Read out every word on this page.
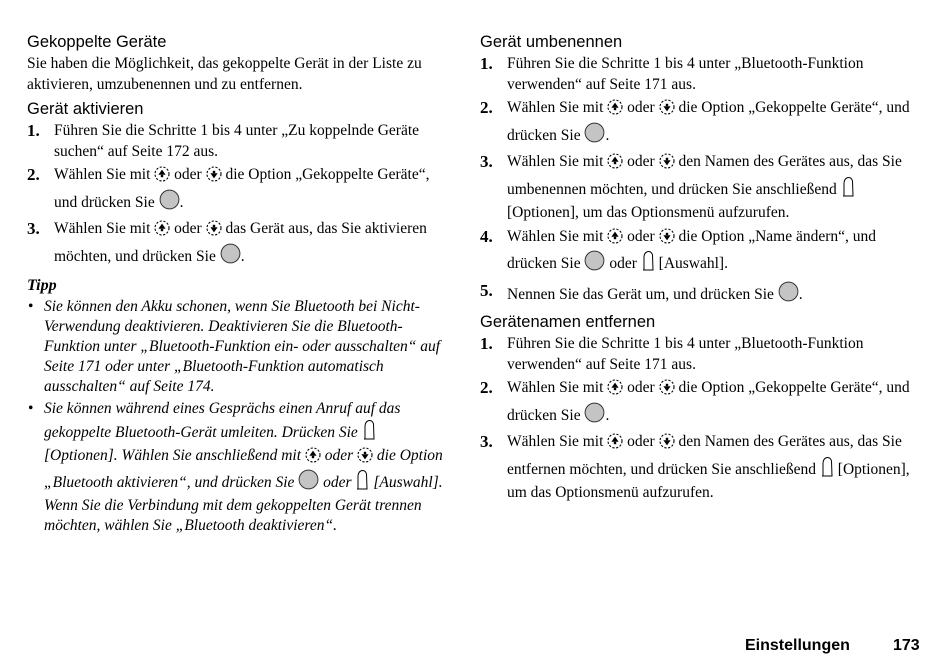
Gekoppelte Geräte

Sie haben die Möglichkeit, das gekoppelte Gerät in der Liste zu aktivieren, umzubenennen und zu entfernen.

Gerät aktivieren
1. Führen Sie die Schritte 1 bis 4 unter „Zu koppelnde Geräte suchen“ auf Seite 172 aus.
2. Wählen Sie mit oder die Option „Gekoppelte Geräte“, und drücken Sie .
3. Wählen Sie mit oder das Gerät aus, das Sie aktivieren möchten, und drücken Sie .
Tipp
• Sie können den Akku schonen, wenn Sie Bluetooth bei Nicht-Verwendung deaktivieren. Deaktivieren Sie die Bluetooth-Funktion unter „Bluetooth-Funktion ein- oder ausschalten“ auf Seite 171 oder unter „Bluetooth-Funktion automatisch ausschalten“ auf Seite 174.
• Sie können während eines Gesprächs einen Anruf auf das gekoppelte Bluetooth-Gerät umleiten. Drücken Sie  [Optionen]. Wählen Sie anschließend mit oder die Option „Bluetooth aktivieren“, und drücken Sie oder [Auswahl]. Wenn Sie die Verbindung mit dem gekoppelten Gerät trennen möchten, wählen Sie „Bluetooth deaktivieren“.
Gerät umbenennen
1. Führen Sie die Schritte 1 bis 4 unter „Bluetooth-Funktion verwenden“ auf Seite 171 aus.
2. Wählen Sie mit oder die Option „Gekoppelte Geräte“, und drücken Sie .
3. Wählen Sie mit oder den Namen des Gerätes aus, das Sie umbenennen möchten, und drücken Sie anschließend  [Optionen], um das Optionsmenü aufzurufen.
4. Wählen Sie mit oder die Option „Name ändern“, und drücken Sie oder [Auswahl].
5. Nennen Sie das Gerät um, und drücken Sie .
Gerätenamen entfernen
1. Führen Sie die Schritte 1 bis 4 unter „Bluetooth-Funktion verwenden“ auf Seite 171 aus.
2. Wählen Sie mit oder die Option „Gekoppelte Geräte“, und drücken Sie .
3. Wählen Sie mit oder den Namen des Gerätes aus, das Sie entfernen möchten, und drücken Sie anschließend [Optionen], um das Optionsmenü aufzurufen.
Einstellungen	173
